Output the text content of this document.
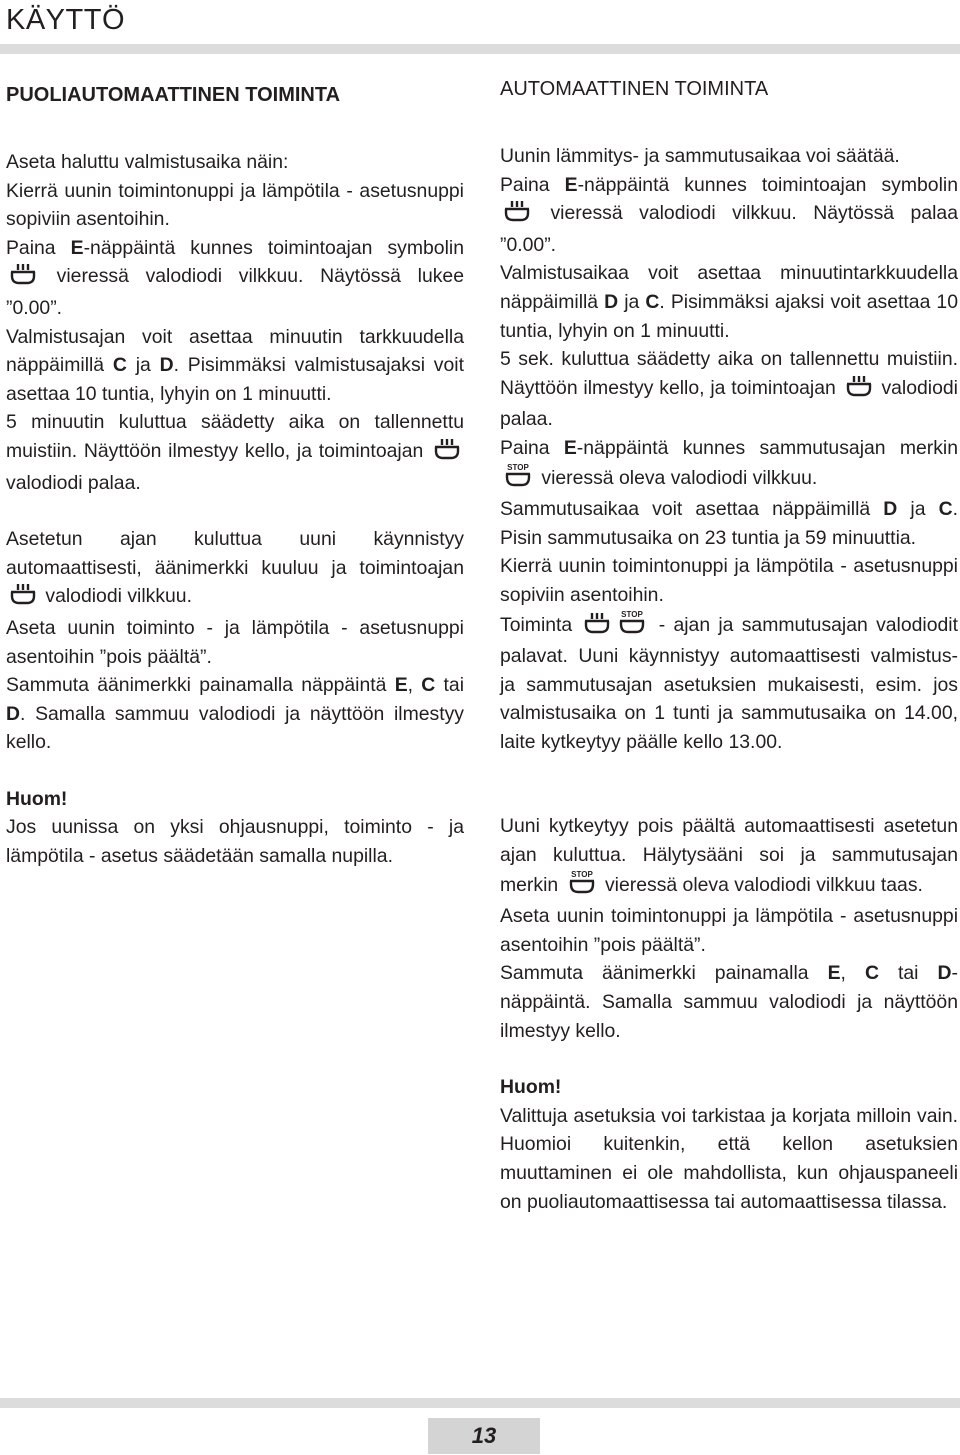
KÄYTTÖ

PUOLIAUTOMAATTINEN TOIMINTA

Aseta haluttu valmistusaika näin:
Kierrä uunin toimintonuppi ja lämpötila - asetusnuppi sopiviin asentoihin.
Paina E-näppäintä kunnes toimintoajan symbolin  vieressä valodiodi vilkkuu. Näytössä lukee ”0.00”.
Valmistusajan voit asettaa minuutin tarkkuudella näppäimillä C ja D. Pisimmäksi valmistusajaksi voit asettaa 10 tuntia, lyhyin on 1 minuutti.
5 minuutin kuluttua säädetty aika on tallennettu muistiin. Näyttöön ilmestyy kello, ja toimintoajan  valodiodi palaa.

Asetetun ajan kuluttua uuni käynnistyy automaattisesti, äänimerkki kuuluu ja toimintoajan  valodiodi vilkkuu.
Aseta uunin toiminto - ja lämpötila - asetusnuppi asentoihin ”pois päältä”.
Sammuta äänimerkki painamalla näppäintä E, C tai D. Samalla sammuu valodiodi ja näyttöön ilmestyy kello.

Huom!

Jos uunissa on yksi ohjausnuppi, toiminto - ja lämpötila - asetus säädetään samalla nupilla.

AUTOMAATTINEN TOIMINTA

Uunin lämmitys- ja sammutusaikaa voi säätää.
Paina E-näppäintä kunnes toimintoajan symbolin  vieressä valodiodi vilkkuu. Näytössä palaa ”0.00”.
Valmistusaikaa voit asettaa minuutintarkkuudella näppäimillä D ja C. Pisimmäksi ajaksi voit asettaa 10 tuntia, lyhyin on 1 minuutti.
5 sek. kuluttua säädetty aika on tallennettu muistiin. Näyttöön ilmestyy kello, ja toimintoajan  valodiodi palaa.
Paina E-näppäintä kunnes sammutusajan merkin
STOP vieressä oleva valodiodi vilkkuu.
Sammutusaikaa voit asettaa näppäimillä D ja C. Pisin sammutusaika on 23 tuntia ja 59 minuuttia.
Kierrä uunin toimintonuppi ja lämpötila - asetusnuppi sopiviin asentoihin.
Toiminta	STOP - ajan ja sammutusajan valodiodit palavat. Uuni käynnistyy automaattisesti valmistus- ja sammutusajan asetuksien mukaisesti, esim. jos valmistusaika on 1 tunti ja sammutusaika on 14.00, laite kytkeytyy päälle kello 13.00.

Uuni kytkeytyy pois päältä automaattisesti asetetun ajan kuluttua. Hälytysääni soi ja sammutusajan merkin STOP vieressä oleva valodiodi vilkkuu taas.
Aseta uunin toimintonuppi ja lämpötila - asetusnuppi asentoihin ”pois päältä”.
Sammuta äänimerkki painamalla E, C tai D-näppäintä. Samalla sammuu valodiodi ja näyttöön ilmestyy kello.

Huom!

Valittuja asetuksia voi tarkistaa ja korjata milloin vain. Huomioi kuitenkin, että kellon asetuksien muuttaminen ei ole mahdollista, kun ohjauspaneeli on puoliautomaattisessa tai automaattisessa tilassa.

13
